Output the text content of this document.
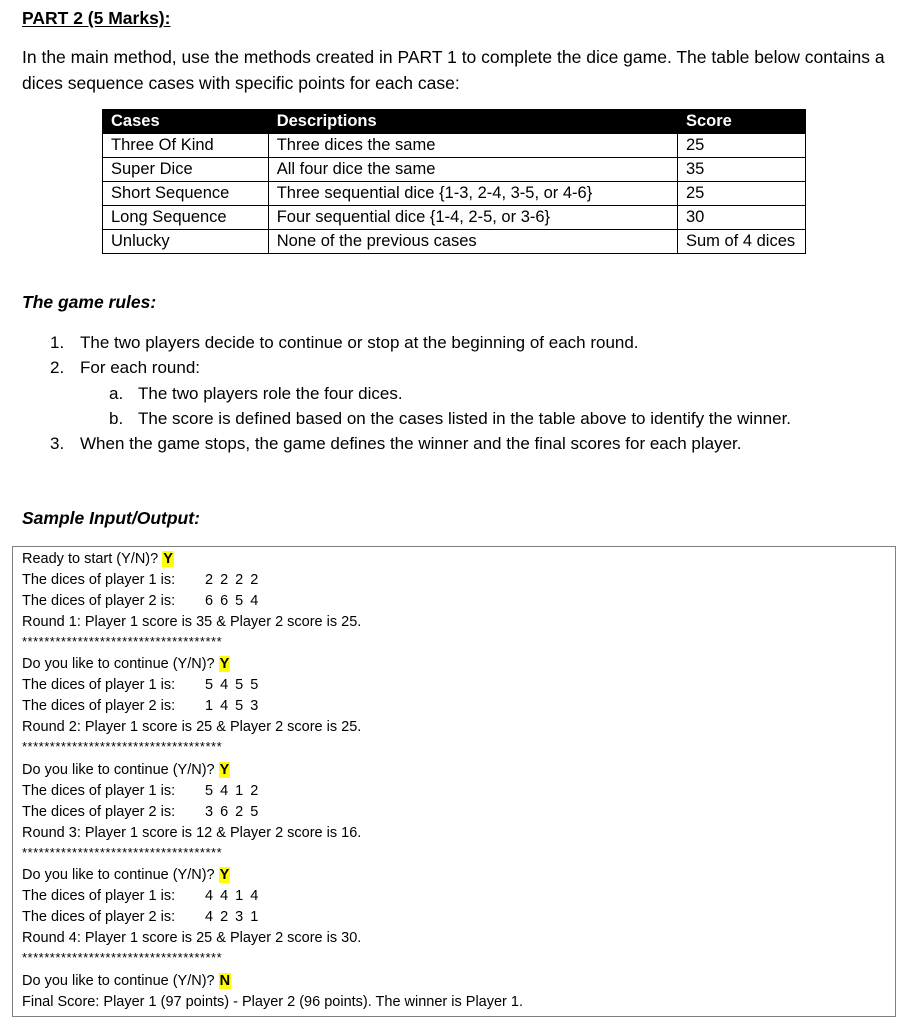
PART 2 (5 Marks):
In the main method, use the methods created in PART 1 to complete the dice game. The table below contains a dices sequence cases with specific points for each case:
Cases	Descriptions	Score
Three Of Kind	Three dices the same	25
Super Dice	All four dice the same	35
Short Sequence	Three sequential dice {1-3, 2-4, 3-5, or 4-6}	25
Long Sequence	Four sequential dice {1-4, 2-5, or 3-6}	30
Unlucky	None of the previous cases	Sum of 4 dices
The game rules:
1. The two players decide to continue or stop at the beginning of each round.
2. For each round:
a. The two players role the four dices.
b. The score is defined based on the cases listed in the table above to identify the winner.
3. When the game stops, the game defines the winner and the final scores for each player.
Sample Input/Output:
Ready to start (Y/N)? Y
The dices of player 1 is: 2 2 2 2
The dices of player 2 is: 6 6 5 4
Round 1: Player 1 score is 35 & Player 2 score is 25.
************************************
Do you like to continue (Y/N)? Y
The dices of player 1 is: 5 4 5 5
The dices of player 2 is: 1 4 5 3
Round 2: Player 1 score is 25 & Player 2 score is 25.
************************************
Do you like to continue (Y/N)? Y
The dices of player 1 is: 5 4 1 2
The dices of player 2 is: 3 6 2 5
Round 3: Player 1 score is 12 & Player 2 score is 16.
************************************
Do you like to continue (Y/N)? Y
The dices of player 1 is: 4 4 1 4
The dices of player 2 is: 4 2 3 1
Round 4: Player 1 score is 25 & Player 2 score is 30.
************************************
Do you like to continue (Y/N)? N
Final Score: Player 1 (97 points) - Player 2 (96 points). The winner is Player 1.
